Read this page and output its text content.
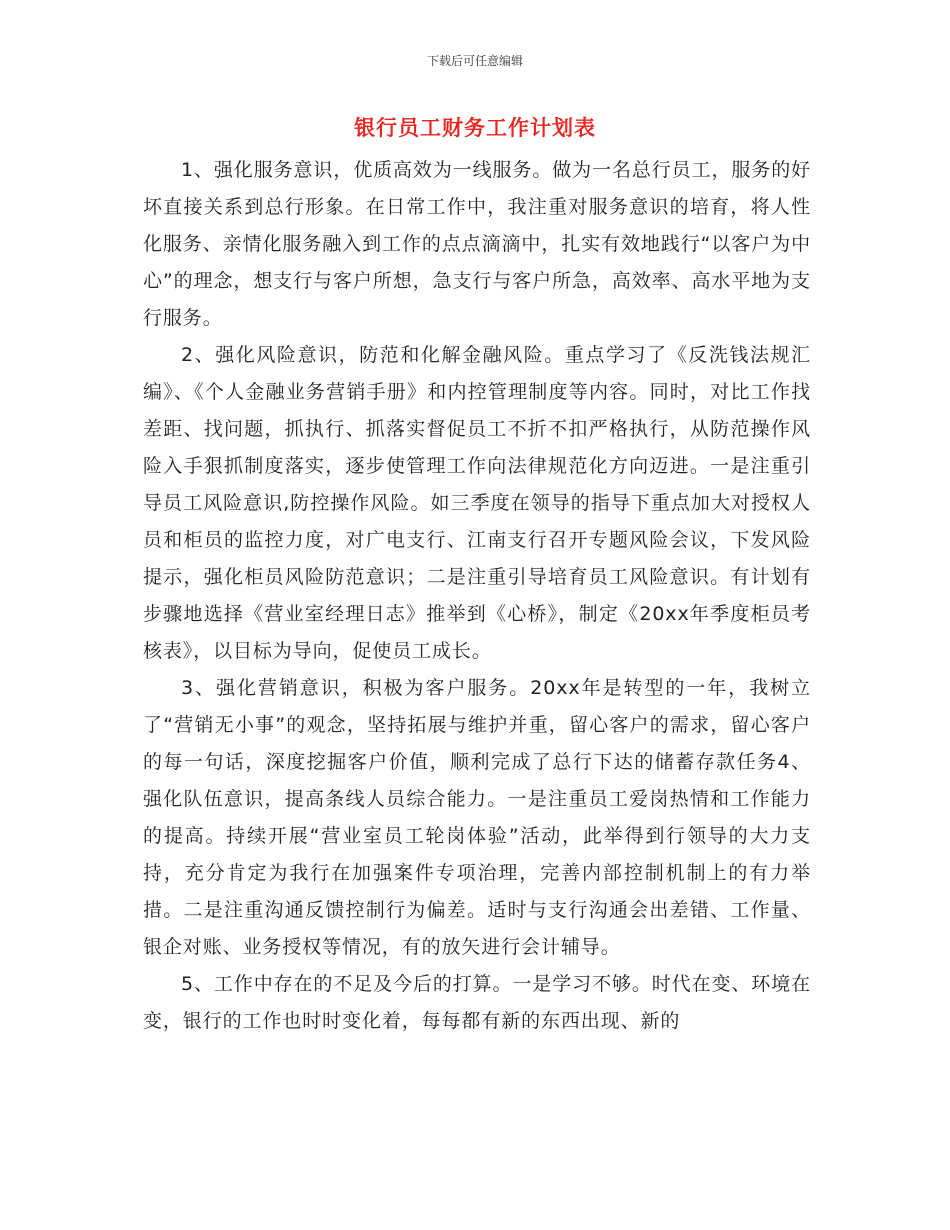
下载后可任意编辑
银行员工财务工作计划表

1、强化服务意识，优质高效为一线服务。做为一名总行员工，服务的好坏直接关系到总行形象。在日常工作中，我注重对服务意识的培育，将人性化服务、亲情化服务融入到工作的点点滴滴中，扎实有效地践行“以客户为中心”的理念，想支行与客户所想，急支行与客户所急，高效率、高水平地为支行服务。

2、强化风险意识，防范和化解金融风险。重点学习了《反洗钱法规汇编》、《个人金融业务营销手册》和内控管理制度等内容。同时，对比工作找差距、找问题，抓执行、抓落实督促员工不折不扣严格执行，从防范操作风险入手狠抓制度落实，逐步使管理工作向法律规范化方向迈进。一是注重引导员工风险意识,防控操作风险。如三季度在领导的指导下重点加大对授权人员和柜员的监控力度，对广电支行、江南支行召开专题风险会议，下发风险提示，强化柜员风险防范意识；二是注重引导培育员工风险意识。有计划有步骤地选择《营业室经理日志》推举到《心桥》，制定《20xx年季度柜员考核表》，以目标为导向，促使员工成长。

3、强化营销意识，积极为客户服务。20xx年是转型的一年，我树立了“营销无小事”的观念，坚持拓展与维护并重，留心客户的需求，留心客户的每一句话，深度挖掘客户价值，顺利完成了总行下达的储蓄存款任务4、强化队伍意识，提高条线人员综合能力。一是注重员工爱岗热情和工作能力的提高。持续开展“营业室员工轮岗体验”活动，此举得到行领导的大力支持，充分肯定为我行在加强案件专项治理，完善内部控制机制上的有力举措。二是注重沟通反馈控制行为偏差。适时与支行沟通会出差错、工作量、银企对账、业务授权等情况，有的放矢进行会计辅导。

5、工作中存在的不足及今后的打算。一是学习不够。时代在变、环境在变，银行的工作也时时变化着，每每都有新的东西出现、新的
